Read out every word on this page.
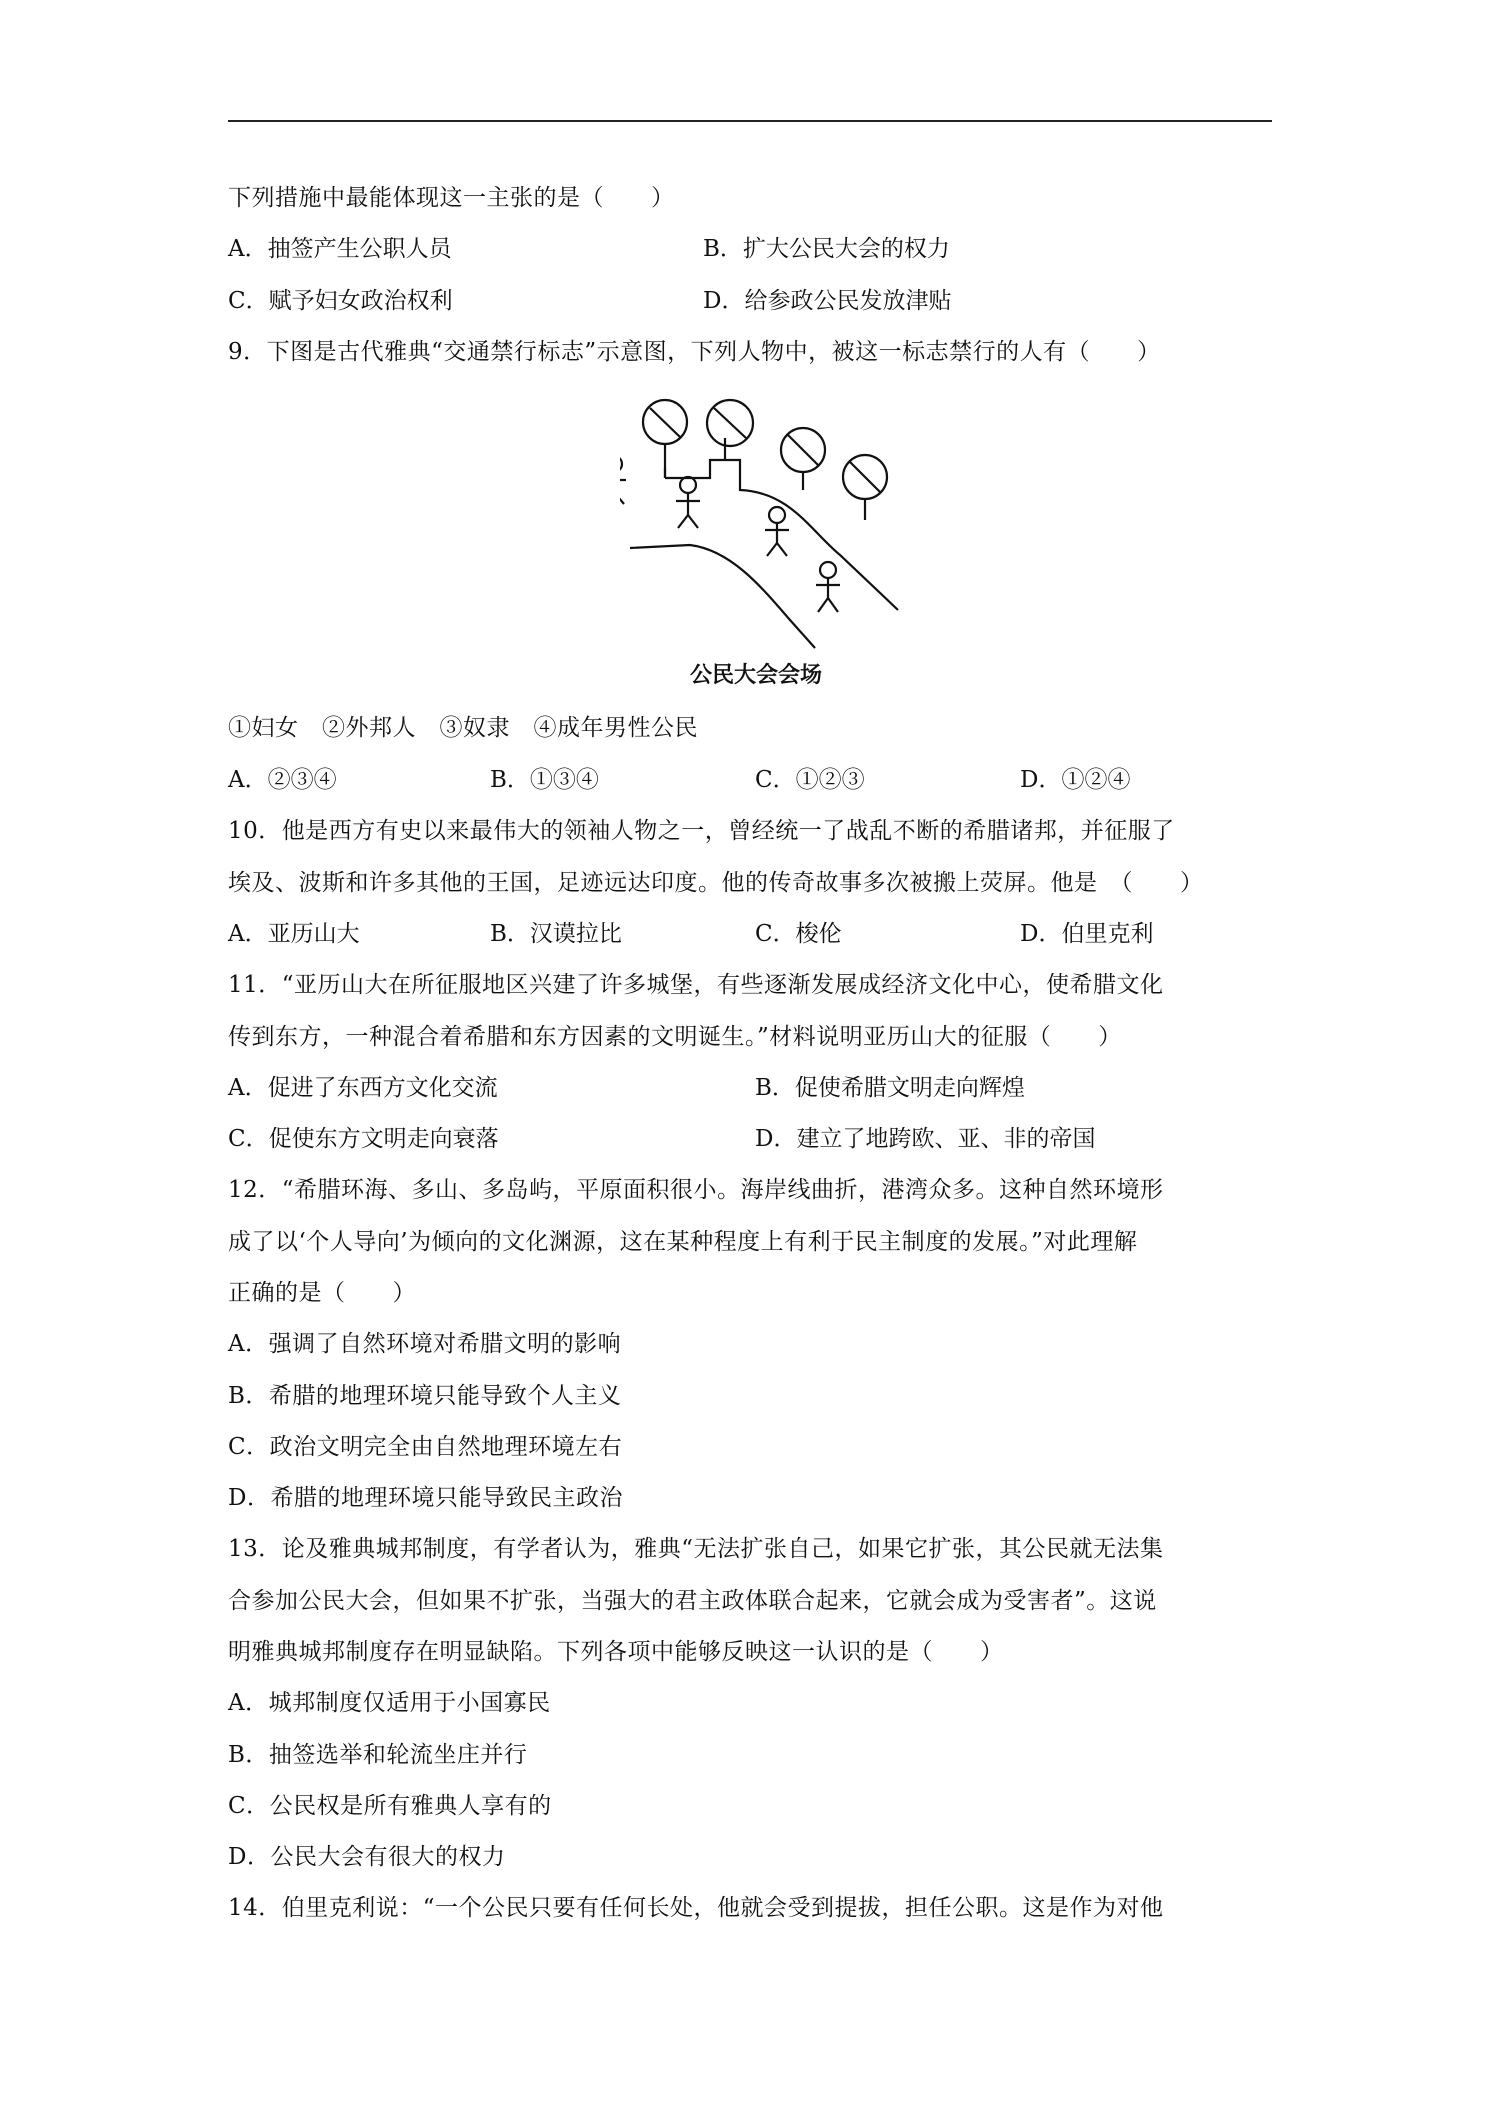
下列措施中最能体现这一主张的是（　　）
A．抽签产生公职人员	B．扩大公民大会的权力
C．赋予妇女政治权利	D．给参政公民发放津贴
9．下图是古代雅典“交通禁行标志”示意图，下列人物中，被这一标志禁行的人有（　　）
公民大会会场
①妇女　②外邦人　③奴隶　④成年男性公民
A．②③④	B．①③④	C．①②③	D．①②④
10．他是西方有史以来最伟大的领袖人物之一，曾经统一了战乱不断的希腊诸邦，并征服了
埃及、波斯和许多其他的王国，足迹远达印度。他的传奇故事多次被搬上荧屏。他是　（　　）
A．亚历山大	B．汉谟拉比	C．梭伦	D．伯里克利
11．“亚历山大在所征服地区兴建了许多城堡，有些逐渐发展成经济文化中心，使希腊文化
传到东方，一种混合着希腊和东方因素的文明诞生。”材料说明亚历山大的征服（　　）
A．促进了东西方文化交流	B．促使希腊文明走向辉煌
C．促使东方文明走向衰落	D．建立了地跨欧、亚、非的帝国
12．“希腊环海、多山、多岛屿，平原面积很小。海岸线曲折，港湾众多。这种自然环境形
成了以‘个人导向’为倾向的文化渊源，这在某种程度上有利于民主制度的发展。”对此理解
正确的是（　　）
A．强调了自然环境对希腊文明的影响
B．希腊的地理环境只能导致个人主义
C．政治文明完全由自然地理环境左右
D．希腊的地理环境只能导致民主政治
13．论及雅典城邦制度，有学者认为，雅典“无法扩张自己，如果它扩张，其公民就无法集
合参加公民大会，但如果不扩张，当强大的君主政体联合起来，它就会成为受害者”。这说
明雅典城邦制度存在明显缺陷。下列各项中能够反映这一认识的是（　　）
A．城邦制度仅适用于小国寡民
B．抽签选举和轮流坐庄并行
C．公民权是所有雅典人享有的
D．公民大会有很大的权力
14．伯里克利说：“一个公民只要有任何长处，他就会受到提拔，担任公职。这是作为对他
